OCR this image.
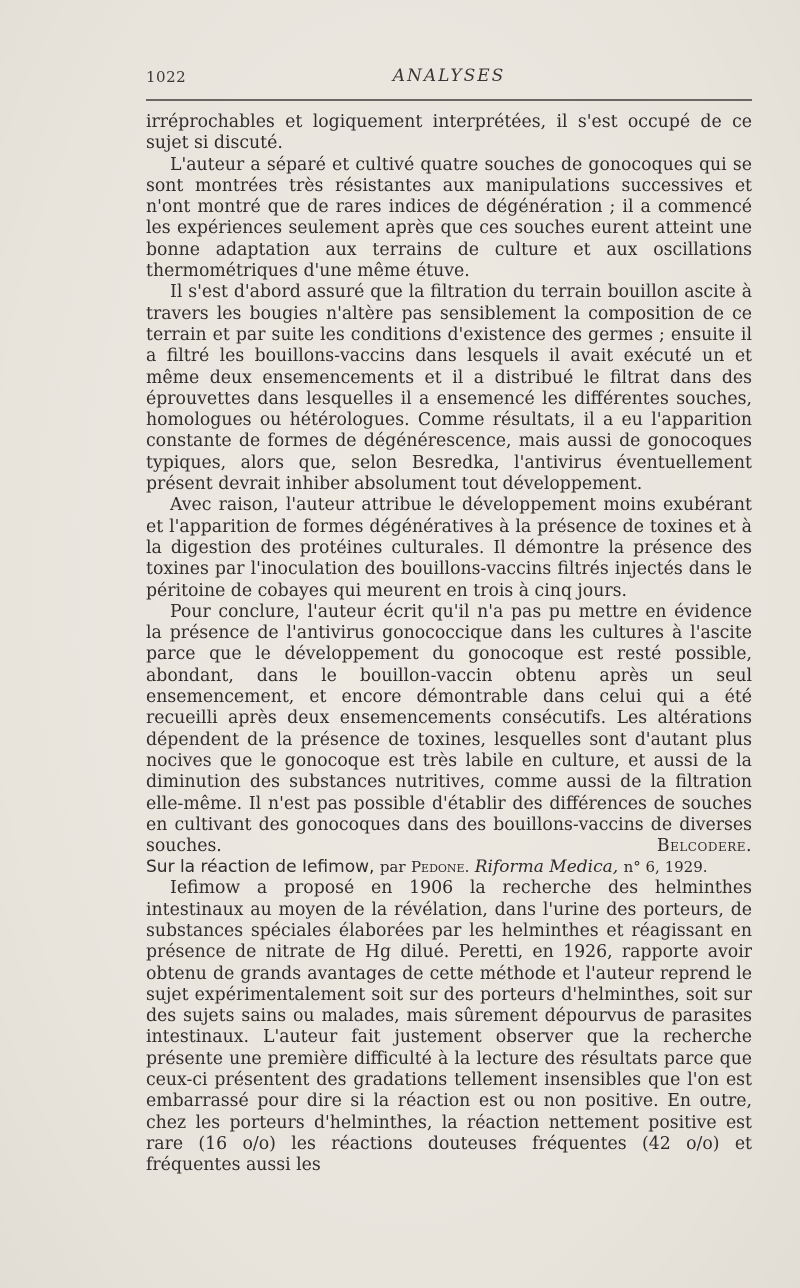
1022	ANALYSES

irréprochables et logiquement interprétées, il s'est occupé de ce sujet si discuté.

L'auteur a séparé et cultivé quatre souches de gonocoques qui se sont montrées très résistantes aux manipulations successives et n'ont montré que de rares indices de dégénération ; il a commencé les expériences seulement après que ces souches eurent atteint une bonne adaptation aux terrains de culture et aux oscillations thermométriques d'une même étuve.

Il s'est d'abord assuré que la filtration du terrain bouillon ascite à travers les bougies n'altère pas sensiblement la composition de ce terrain et par suite les conditions d'existence des germes ; ensuite il a filtré les bouillons-vaccins dans lesquels il avait exécuté un et même deux ensemencements et il a distribué le filtrat dans des éprouvettes dans lesquelles il a ensemencé les différentes souches, homologues ou hétérologues. Comme résultats, il a eu l'apparition constante de formes de dégénérescence, mais aussi de gonocoques typiques, alors que, selon Besredka, l'antivirus éventuellement présent devrait inhiber absolument tout développement.

Avec raison, l'auteur attribue le développement moins exubérant et l'apparition de formes dégénératives à la présence de toxines et à la digestion des protéines culturales. Il démontre la présence des toxines par l'inoculation des bouillons-vaccins filtrés injectés dans le péritoine de cobayes qui meurent en trois à cinq jours.

Pour conclure, l'auteur écrit qu'il n'a pas pu mettre en évidence la présence de l'antivirus gonococcique dans les cultures à l'ascite parce que le développement du gonocoque est resté possible, abondant, dans le bouillon-vaccin obtenu après un seul ensemencement, et encore démontrable dans celui qui a été recueilli après deux ensemencements consécutifs. Les altérations dépendent de la présence de toxines, lesquelles sont d'autant plus nocives que le gonocoque est très labile en culture, et aussi de la diminution des substances nutritives, comme aussi de la filtration elle-même. Il n'est pas possible d'établir des différences de souches en cultivant des gonocoques dans des bouillons-vaccins de diverses souches.	Belcodere.

Sur la réaction de Iefimow, par Pedone. Riforma Medica, n° 6, 1929.

Iefimow a proposé en 1906 la recherche des helminthes intestinaux au moyen de la révélation, dans l'urine des porteurs, de substances spéciales élaborées par les helminthes et réagissant en présence de nitrate de Hg dilué. Peretti, en 1926, rapporte avoir obtenu de grands avantages de cette méthode et l'auteur reprend le sujet expérimentalement soit sur des porteurs d'helminthes, soit sur des sujets sains ou malades, mais sûrement dépourvus de parasites intestinaux. L'auteur fait justement observer que la recherche présente une première difficulté à la lecture des résultats parce que ceux-ci présentent des gradations tellement insensibles que l'on est embarrassé pour dire si la réaction est ou non positive. En outre, chez les porteurs d'helminthes, la réaction nettement positive est rare (16 o/o) les réactions douteuses fréquentes (42 o/o) et fréquentes aussi les
